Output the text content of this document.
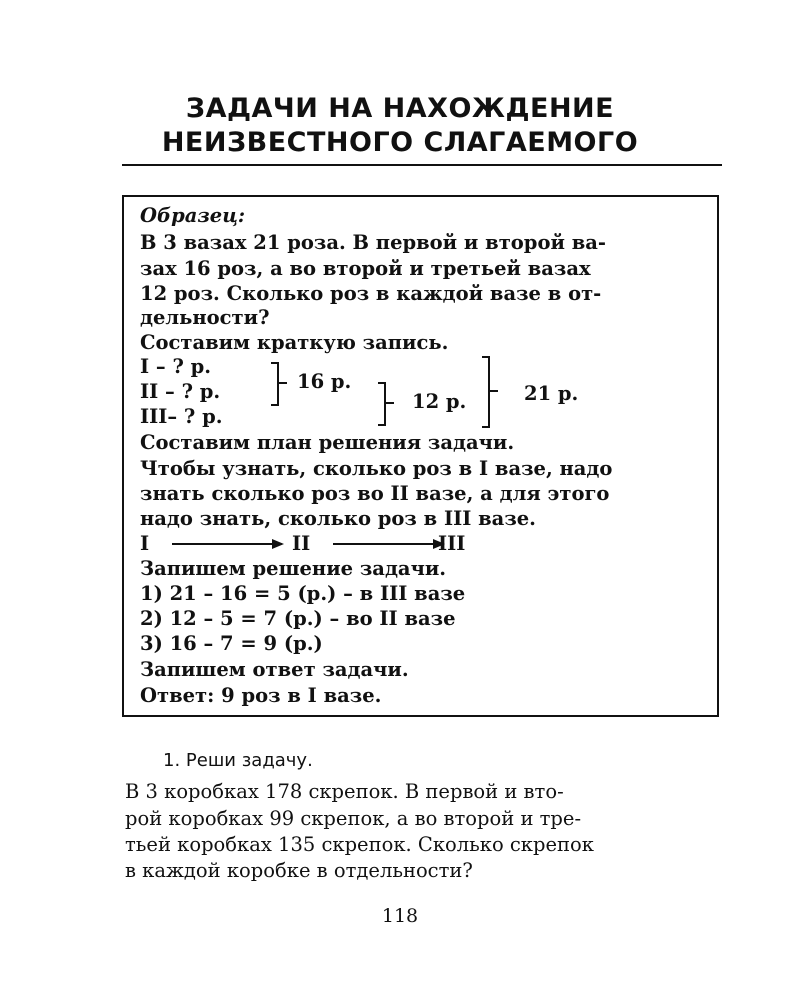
ЗАДАЧИ НА НАХОЖДЕНИЕ
НЕИЗВЕСТНОГО СЛАГАЕМОГО
Образец:
В 3 вазах 21 роза. В первой и второй ва-
зах 16 роз, а во второй и третьей вазах
12 роз. Сколько роз в каждой вазе в от-
дельности?
Составим краткую запись.
I – ? р.
II – ? р.
III– ? р.
16 р.
12 р.	21 р.
Составим план решения задачи.
Чтобы узнать, сколько роз в I вазе, надо
знать сколько роз во II вазе, а для этого
надо знать, сколько роз в III вазе.
I	II	III
Запишем решение задачи.
1) 21 – 16 = 5 (р.) – в III вазе
2) 12 – 5 = 7 (р.) – во II вазе
3) 16 – 7 = 9 (р.)
Запишем ответ задачи.
Ответ: 9 роз в I вазе.
1. Реши задачу.
В 3 коробках 178 скрепок. В первой и вто-
рой коробках 99 скрепок, а во второй и тре-
тьей коробках 135 скрепок. Сколько скрепок
в каждой коробке в отдельности?
118
